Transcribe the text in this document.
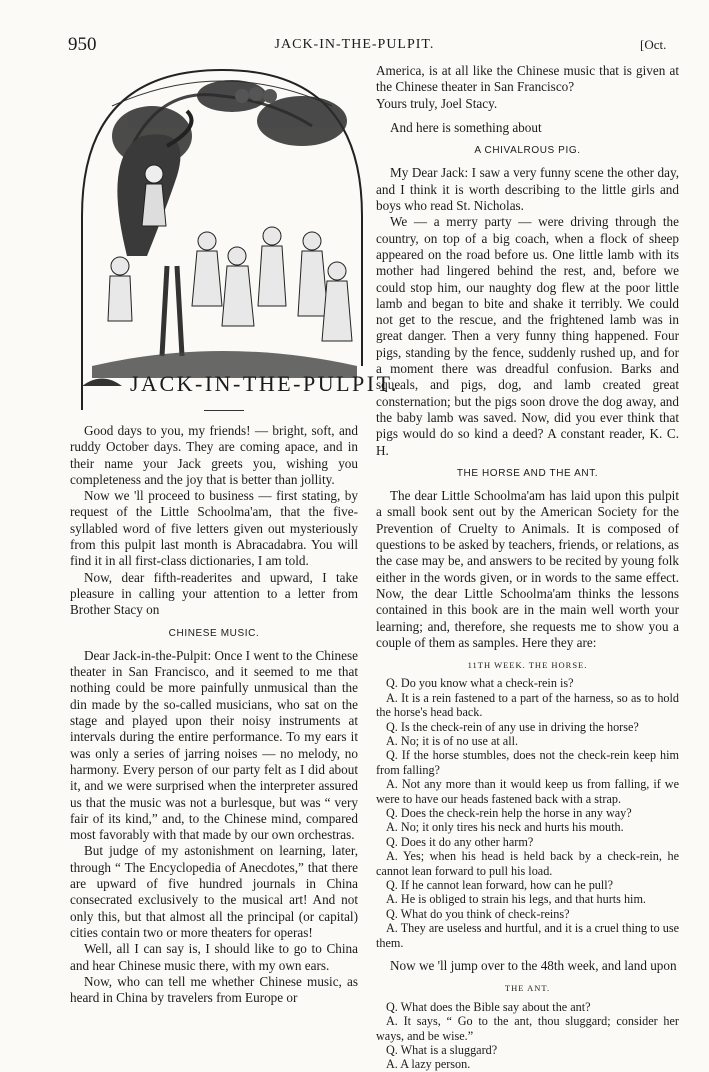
950	JACK-IN-THE-PULPIT.	[Oct.
JACK-IN-THE-PULPIT.

Good days to you, my friends! — bright, soft, and ruddy October days. They are coming apace, and in their name your Jack greets you, wishing you completeness and the joy that is better than jollity.

Now we 'll proceed to business — first stating, by request of the Little Schoolma'am, that the five-syllabled word of five letters given out mysteriously from this pulpit last month is Abracadabra. You will find it in all first-class dictionaries, I am told.

Now, dear fifth-readerites and upward, I take pleasure in calling your attention to a letter from Brother Stacy on

CHINESE MUSIC.

Dear Jack-in-the-Pulpit: Once I went to the Chinese theater in San Francisco, and it seemed to me that nothing could be more painfully unmusical than the din made by the so-called musicians, who sat on the stage and played upon their noisy instruments at intervals during the entire performance. To my ears it was only a series of jarring noises — no melody, no harmony. Every person of our party felt as I did about it, and we were surprised when the interpreter assured us that the music was not a burlesque, but was “ very fair of its kind,” and, to the Chinese mind, compared most favorably with that made by our own orchestras.

But judge of my astonishment on learning, later, through “ The Encyclopedia of Anecdotes,” that there are upward of five hundred journals in China consecrated exclusively to the musical art! And not only this, but that almost all the principal (or capital) cities contain two or more theaters for operas!

Well, all I can say is, I should like to go to China and hear Chinese music there, with my own ears.

Now, who can tell me whether Chinese music, as heard in China by travelers from Europe or

America, is at all like the Chinese music that is given at the Chinese theater in San Francisco?

Yours truly, Joel Stacy.

And here is something about

A CHIVALROUS PIG.

My Dear Jack: I saw a very funny scene the other day, and I think it is worth describing to the little girls and boys who read St. Nicholas.

We — a merry party — were driving through the country, on top of a big coach, when a flock of sheep appeared on the road before us. One little lamb with its mother had lingered behind the rest, and, before we could stop him, our naughty dog flew at the poor little lamb and began to bite and shake it terribly. We could not get to the rescue, and the frightened lamb was in great danger. Then a very funny thing happened. Four pigs, standing by the fence, suddenly rushed up, and for a moment there was dreadful confusion. Barks and squeals, and pigs, dog, and lamb created great consternation; but the pigs soon drove the dog away, and the baby lamb was saved. Now, did you ever think that pigs would do so kind a deed? A constant reader, K. C. H.

THE HORSE AND THE ANT.

The dear Little Schoolma'am has laid upon this pulpit a small book sent out by the American Society for the Prevention of Cruelty to Animals. It is composed of questions to be asked by teachers, friends, or relations, as the case may be, and answers to be recited by young folk either in the words given, or in words to the same effect. Now, the dear Little Schoolma'am thinks the lessons contained in this book are in the main well worth your learning; and, therefore, she requests me to show you a couple of them as samples. Here they are:

11TH WEEK. THE HORSE.

Q. Do you know what a check-rein is?

A. It is a rein fastened to a part of the harness, so as to hold the horse's head back.

Q. Is the check-rein of any use in driving the horse?

A. No; it is of no use at all.

Q. If the horse stumbles, does not the check-rein keep him from falling?

A. Not any more than it would keep us from falling, if we were to have our heads fastened back with a strap.

Q. Does the check-rein help the horse in any way?

A. No; it only tires his neck and hurts his mouth.

Q. Does it do any other harm?

A. Yes; when his head is held back by a check-rein, he cannot lean forward to pull his load.

Q. If he cannot lean forward, how can he pull?

A. He is obliged to strain his legs, and that hurts him.

Q. What do you think of check-reins?

A. They are useless and hurtful, and it is a cruel thing to use them.

Now we 'll jump over to the 48th week, and land upon

THE ANT.

Q. What does the Bible say about the ant?

A. It says, “ Go to the ant, thou sluggard; consider her ways, and be wise.”

Q. What is a sluggard?

A. A lazy person.
